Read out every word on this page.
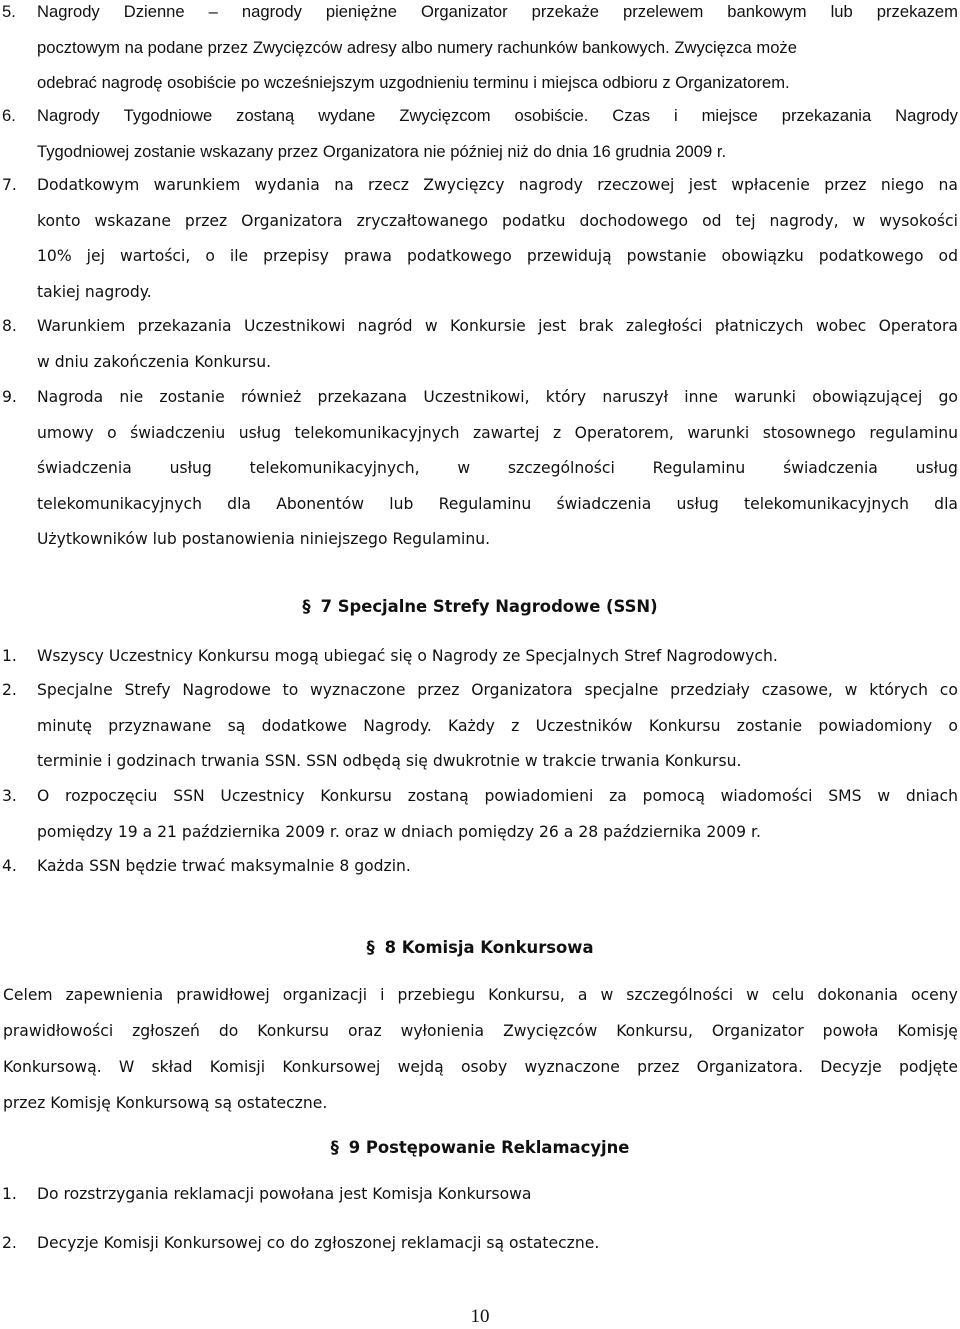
5. Nagrody Dzienne – nagrody pieniężne Organizator przekaże przelewem bankowym lub przekazem
pocztowym na podane przez Zwycięzców adresy albo numery rachunków bankowych. Zwycięzca może
odebrać nagrodę osobiście po wcześniejszym uzgodnieniu terminu i miejsca odbioru z Organizatorem.
6. Nagrody Tygodniowe zostaną wydane Zwycięzcom osobiście. Czas i miejsce przekazania Nagrody
Tygodniowej zostanie wskazany przez Organizatora nie później niż do dnia 16 grudnia 2009 r.
7. Dodatkowym warunkiem wydania na rzecz Zwycięzcy nagrody rzeczowej jest wpłacenie przez niego na
konto wskazane przez Organizatora zryczałtowanego podatku dochodowego od tej nagrody, w wysokości
10% jej wartości, o ile przepisy prawa podatkowego przewidują powstanie obowiązku podatkowego od
takiej nagrody.
8. Warunkiem przekazania Uczestnikowi nagród w Konkursie jest brak zaległości płatniczych wobec Operatora
w dniu zakończenia Konkursu.
9. Nagroda nie zostanie również przekazana Uczestnikowi, który naruszył inne warunki obowiązującej go
umowy o świadczeniu usług telekomunikacyjnych zawartej z Operatorem, warunki stosownego regulaminu
świadczenia usług telekomunikacyjnych, w szczególności Regulaminu świadczenia usług
telekomunikacyjnych dla Abonentów lub Regulaminu świadczenia usług telekomunikacyjnych dla
Użytkowników lub postanowienia niniejszego Regulaminu.
§ 7 Specjalne Strefy Nagrodowe (SSN)
1. Wszyscy Uczestnicy Konkursu mogą ubiegać się o Nagrody ze Specjalnych Stref Nagrodowych.
2. Specjalne Strefy Nagrodowe to wyznaczone przez Organizatora specjalne przedziały czasowe, w których co
minutę przyznawane są dodatkowe Nagrody. Każdy z Uczestników Konkursu zostanie powiadomiony o
terminie i godzinach trwania SSN. SSN odbędą się dwukrotnie w trakcie trwania Konkursu.
3. O rozpoczęciu SSN Uczestnicy Konkursu zostaną powiadomieni za pomocą wiadomości SMS w dniach
pomiędzy 19 a 21 października 2009 r. oraz w dniach pomiędzy 26 a 28 października 2009 r.
4. Każda SSN będzie trwać maksymalnie 8 godzin.
§ 8 Komisja Konkursowa
Celem zapewnienia prawidłowej organizacji i przebiegu Konkursu, a w szczególności w celu dokonania oceny
prawidłowości zgłoszeń do Konkursu oraz wyłonienia Zwycięzców Konkursu, Organizator powoła Komisję
Konkursową. W skład Komisji Konkursowej wejdą osoby wyznaczone przez Organizatora. Decyzje podjęte
przez Komisję Konkursową są ostateczne.
§ 9 Postępowanie Reklamacyjne
1. Do rozstrzygania reklamacji powołana jest Komisja Konkursowa
2. Decyzje Komisji Konkursowej co do zgłoszonej reklamacji są ostateczne.
10
